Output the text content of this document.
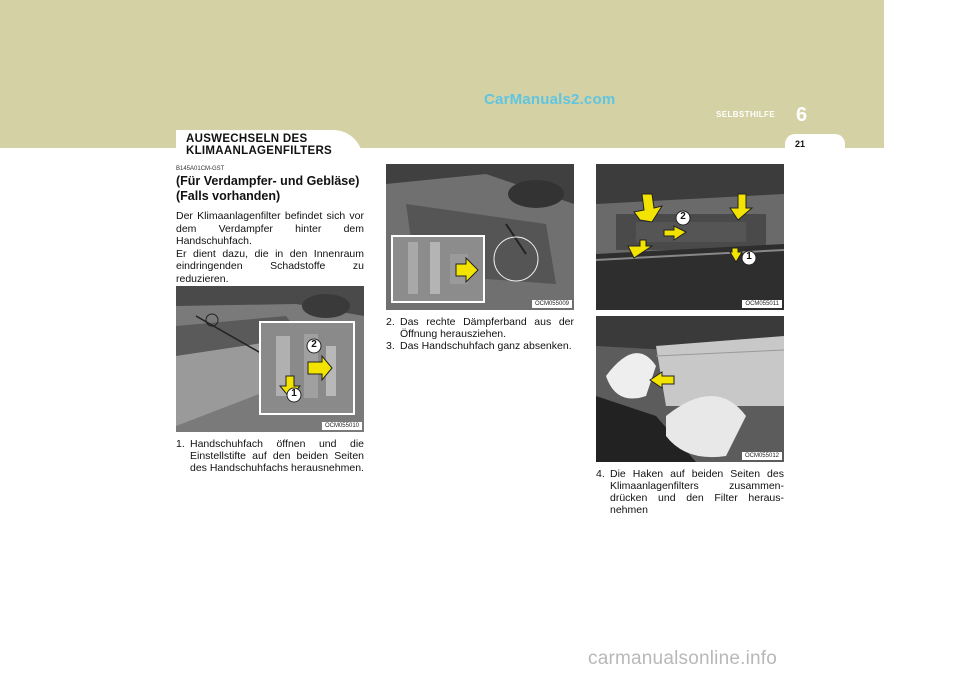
CarManuals2.com
SELBSTHILFE 6
21
AUSWECHSELN DES
KLIMAANLAGENFILTERS
B145A01CM-GST
(Für Verdampfer- und Gebläse)
(Falls vorhanden)

Der Klimaanlagenfilter befindet sich vor dem Verdampfer hinter dem Handschuhfach.

Er dient dazu, die in den Innenraum eindringenden Schadstoffe zu reduzieren.

2
1
OCM055010
1. Handschuhfach öffnen und die Einstellstifte auf den beiden Seiten des Handschuhfachs herausnehmen.
OCM055009
2. Das rechte Dämpferband aus der Öffnung herausziehen.
3. Das Handschuhfach ganz absenken.
2
1
OCM055011
OCM055012
4. Die Haken auf beiden Seiten des Klimaanlagenfilters zusammen-drücken und den Filter heraus-nehmen
carmanualsonline.info
